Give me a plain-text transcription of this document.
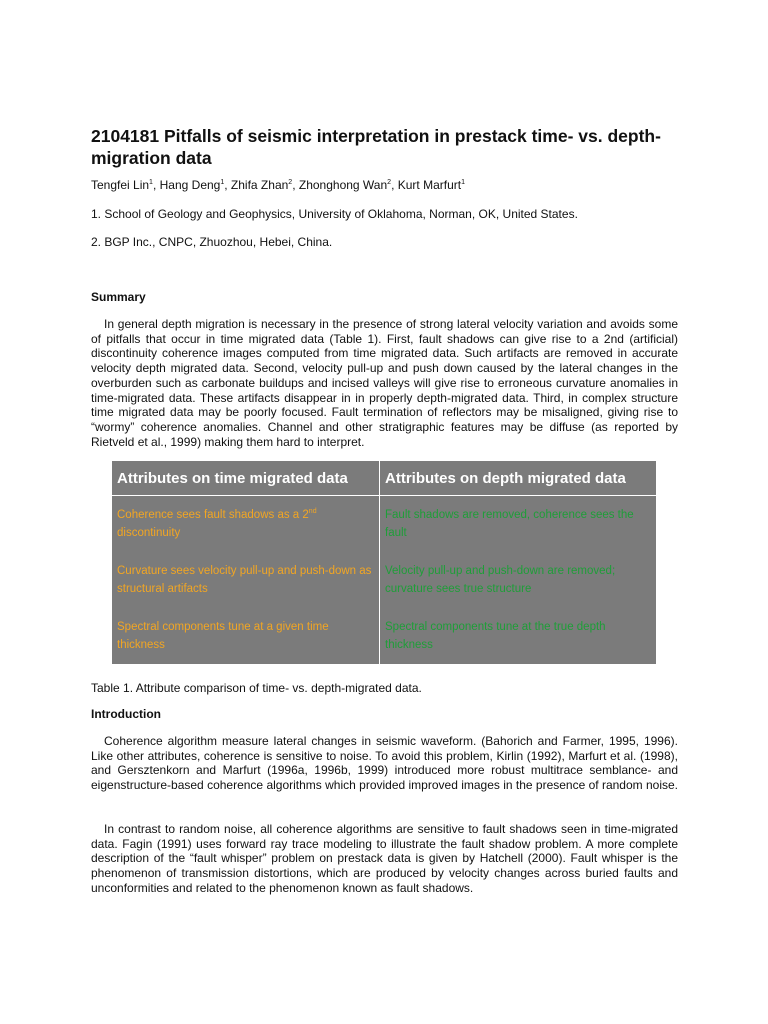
2104181 Pitfalls of seismic interpretation in prestack time- vs. depth-migration data

Tengfei Lin$^1$, Hang Deng$^1$, Zhifa Zhan$^2$, Zhonghong Wan$^2$, Kurt Marfurt$^1$

1. School of Geology and Geophysics, University of Oklahoma, Norman, OK, United States.

2. BGP Inc., CNPC, Zhuozhou, Hebei, China.

Summary

In general depth migration is necessary in the presence of strong lateral velocity variation and avoids some of pitfalls that occur in time migrated data (Table 1). First, fault shadows can give rise to a 2nd (artificial) discontinuity coherence images computed from time migrated data. Such artifacts are removed in accurate velocity depth migrated data. Second, velocity pull-up and push down caused by the lateral changes in the overburden such as carbonate buildups and incised valleys will give rise to erroneous curvature anomalies in time-migrated data. These artifacts disappear in in properly depth-migrated data. Third, in complex structure time migrated data may be poorly focused. Fault termination of reflectors may be misaligned, giving rise to “wormy” coherence anomalies. Channel and other stratigraphic features may be diffuse (as reported by Rietveld et al., 1999) making them hard to interpret.

Attributes on time migrated data	Attributes on depth migrated data
Coherence sees fault shadows as a 2nd discontinuity	Fault shadows are removed, coherence sees the fault
Curvature sees velocity pull-up and push-down as structural artifacts	Velocity pull-up and push-down are removed; curvature sees true structure
Spectral components tune at a given time thickness	Spectral components tune at the true depth thickness

Table 1. Attribute comparison of time- vs. depth-migrated data.

Introduction

Coherence algorithm measure lateral changes in seismic waveform. (Bahorich and Farmer, 1995, 1996). Like other attributes, coherence is sensitive to noise. To avoid this problem, Kirlin (1992), Marfurt et al. (1998), and Gersztenkorn and Marfurt (1996a, 1996b, 1999) introduced more robust multitrace semblance- and eigenstructure-based coherence algorithms which provided improved images in the presence of random noise.

In contrast to random noise, all coherence algorithms are sensitive to fault shadows seen in time-migrated data. Fagin (1991) uses forward ray trace modeling to illustrate the fault shadow problem. A more complete description of the “fault whisper” problem on prestack data is given by Hatchell (2000). Fault whisper is the phenomenon of transmission distortions, which are produced by velocity changes across buried faults and unconformities and related to the phenomenon known as fault shadows.
